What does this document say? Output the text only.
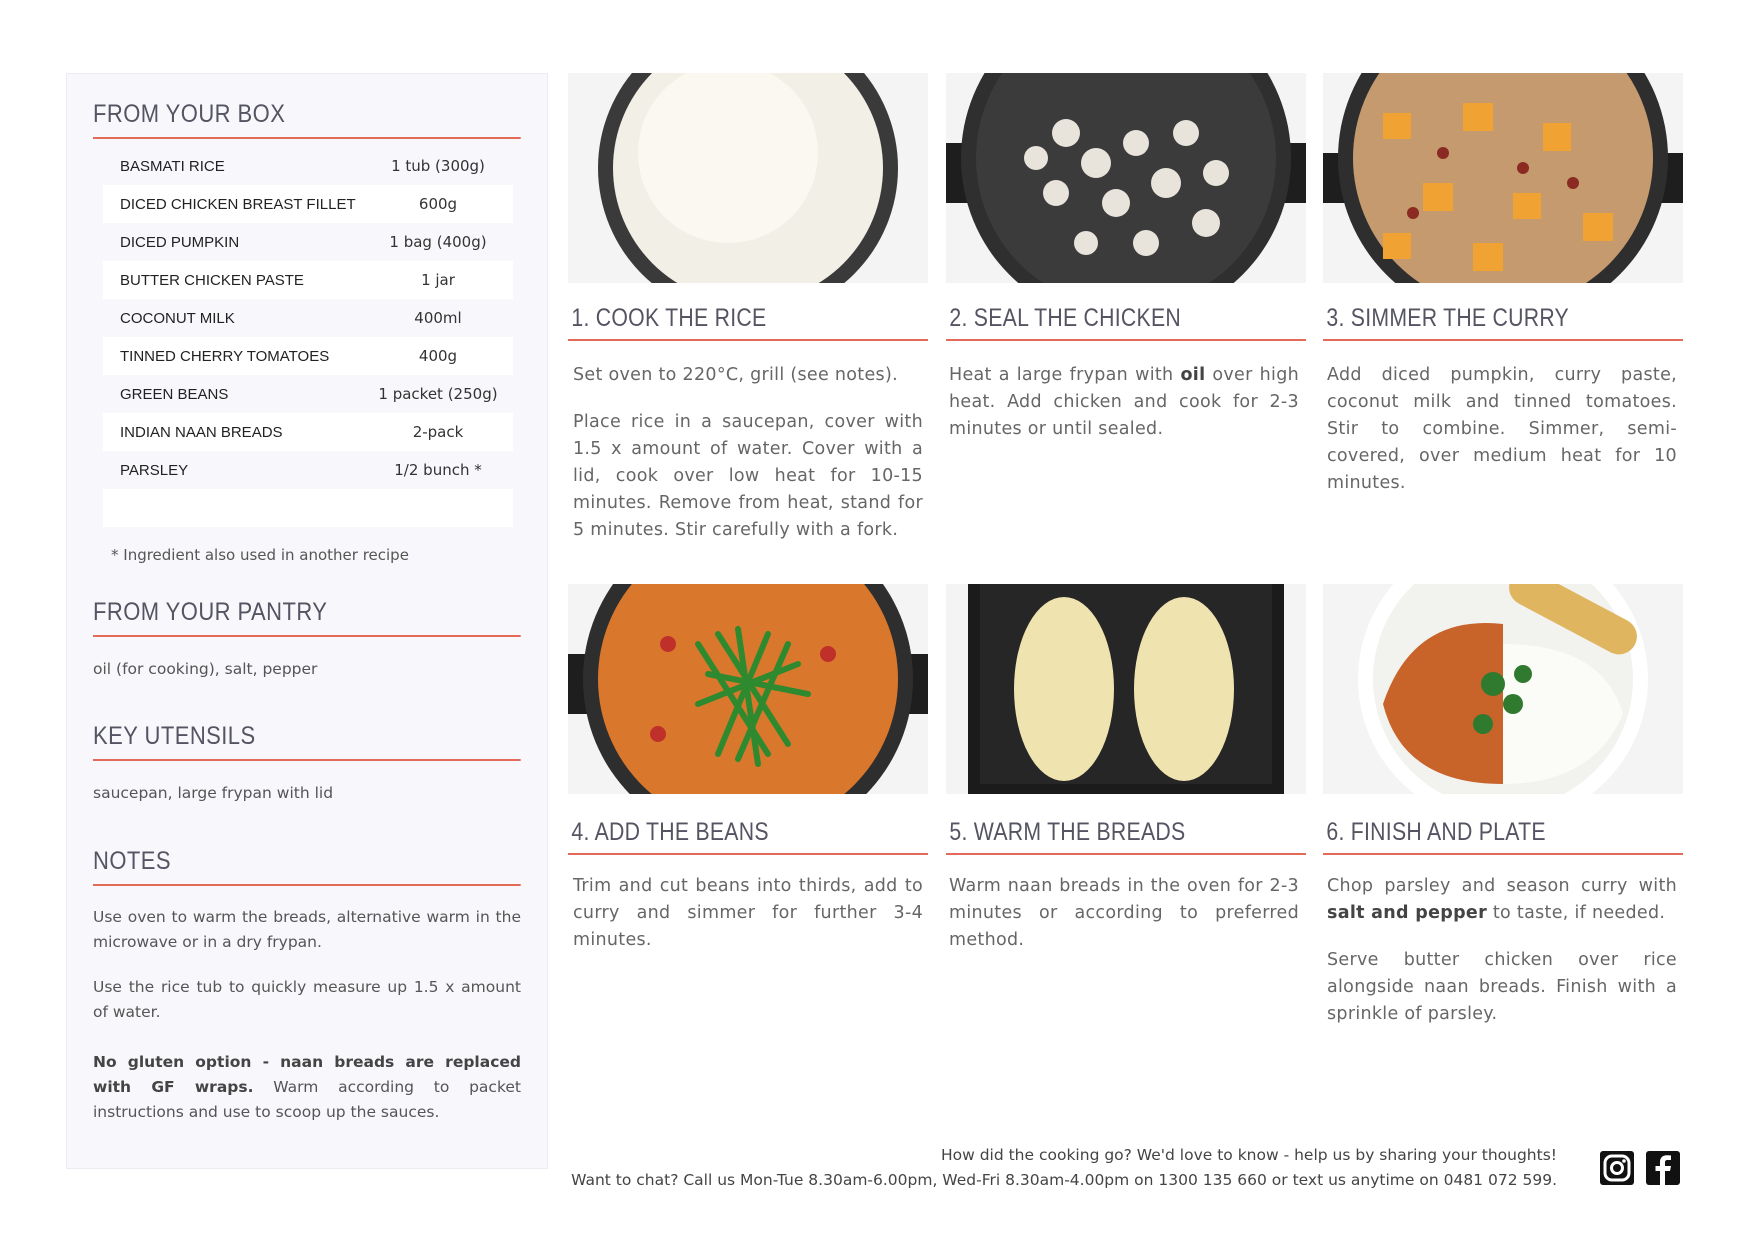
FROM YOUR BOX
BASMATI RICE	1 tub (300g)
DICED CHICKEN BREAST FILLET	600g
DICED PUMPKIN	1 bag (400g)
BUTTER CHICKEN PASTE	1 jar
COCONUT MILK	400ml
TINNED CHERRY TOMATOES	400g
GREEN BEANS	1 packet (250g)
INDIAN NAAN BREADS	2-pack
PARSLEY	1/2 bunch *
* Ingredient also used in another recipe
FROM YOUR PANTRY
oil (for cooking), salt, pepper
KEY UTENSILS
saucepan, large frypan with lid
NOTES
Use oven to warm the breads, alternative warm in the microwave or in a dry frypan.
Use the rice tub to quickly measure up 1.5 x amount of water.
No gluten option - naan breads are replaced with GF wraps. Warm according to packet instructions and use to scoop up the sauces.
1. COOK THE RICE	2. SEAL THE CHICKEN	3. SIMMER THE CURRY
4. ADD THE BEANS	5. WARM THE BREADS	6. FINISH AND PLATE

Set oven to 220°C, grill (see notes).

Place rice in a saucepan, cover with 1.5 x amount of water. Cover with a lid, cook over low heat for 10-15 minutes. Remove from heat, stand for 5 minutes. Stir carefully with a fork.

Heat a large frypan with oil over high heat. Add chicken and cook for 2-3 minutes or until sealed.

Add diced pumpkin, curry paste, coconut milk and tinned tomatoes. Stir to combine. Simmer, semi-covered, over medium heat for 10 minutes.

Trim and cut beans into thirds, add to curry and simmer for further 3-4 minutes.

Warm naan breads in the oven for 2-3 minutes or according to preferred method.

Chop parsley and season curry with salt and pepper to taste, if needed.

Serve butter chicken over rice alongside naan breads. Finish with a sprinkle of parsley.

How did the cooking go? We'd love to know - help us by sharing your thoughts!
Want to chat? Call us Mon-Tue 8.30am-6.00pm, Wed-Fri 8.30am-4.00pm on 1300 135 660 or text us anytime on 0481 072 599.
